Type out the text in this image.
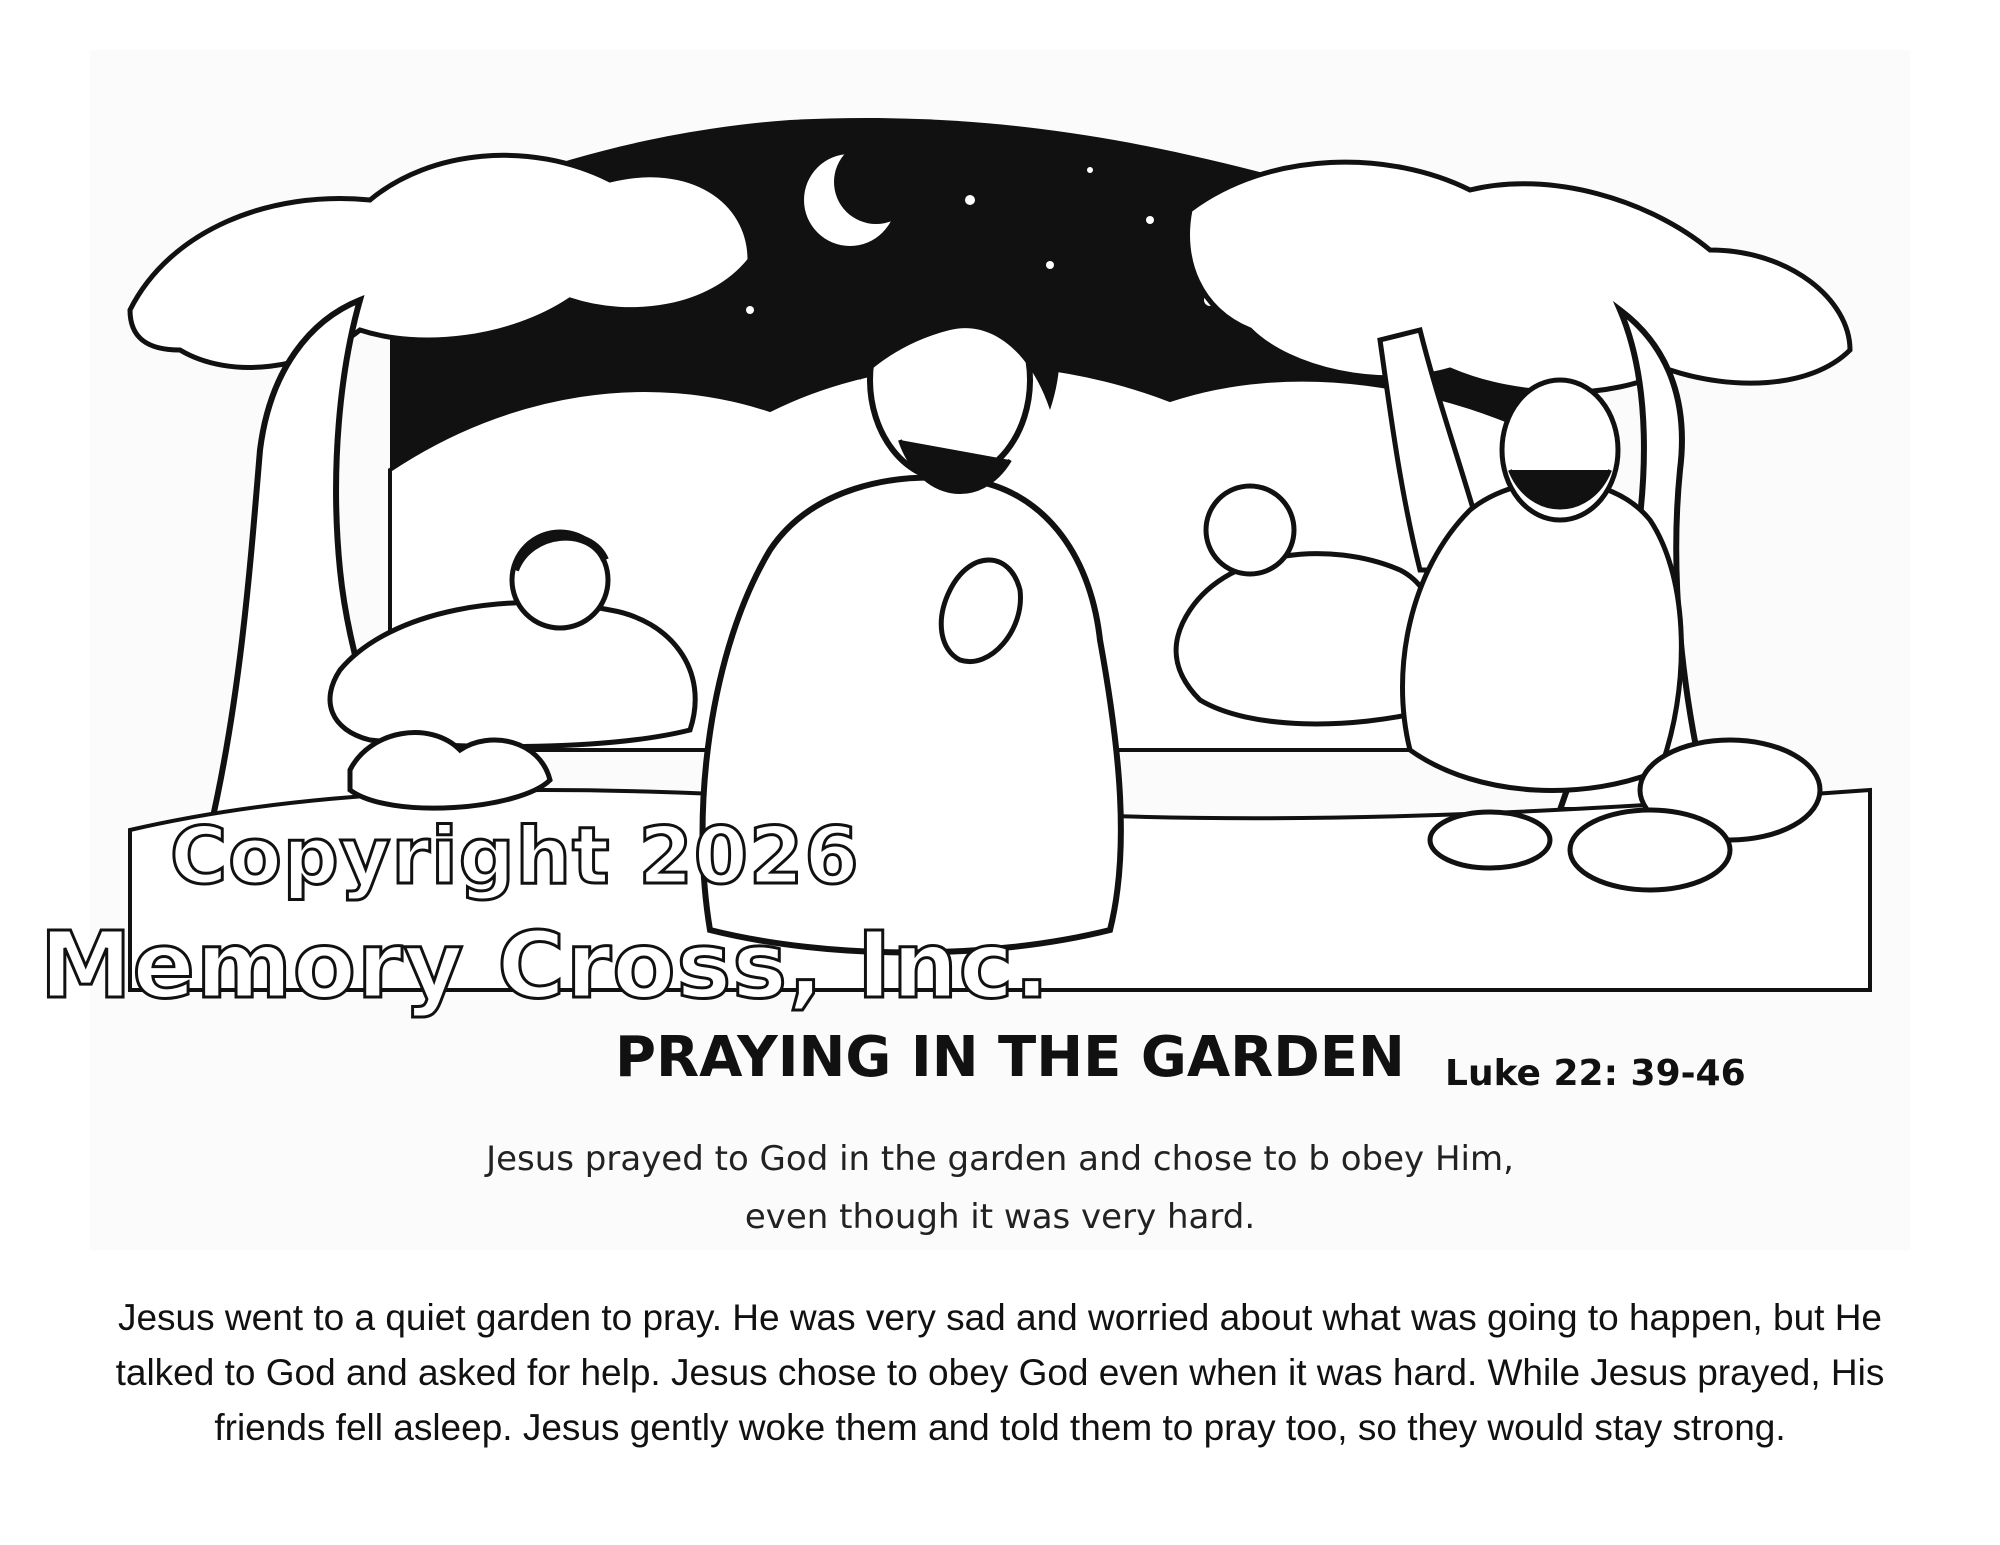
Copyright 2026
Memory Cross, Inc.
PRAYING IN THE GARDEN Luke 22: 39-46
Jesus prayed to God in the garden and chose to b obey Him,
even though it was very hard.
Jesus went to a quiet garden to pray. He was very sad and worried about what was going to happen, but He talked to God and asked for help. Jesus chose to obey God even when it was hard. While Jesus prayed, His friends fell asleep. Jesus gently woke them and told them to pray too, so they would stay strong.
